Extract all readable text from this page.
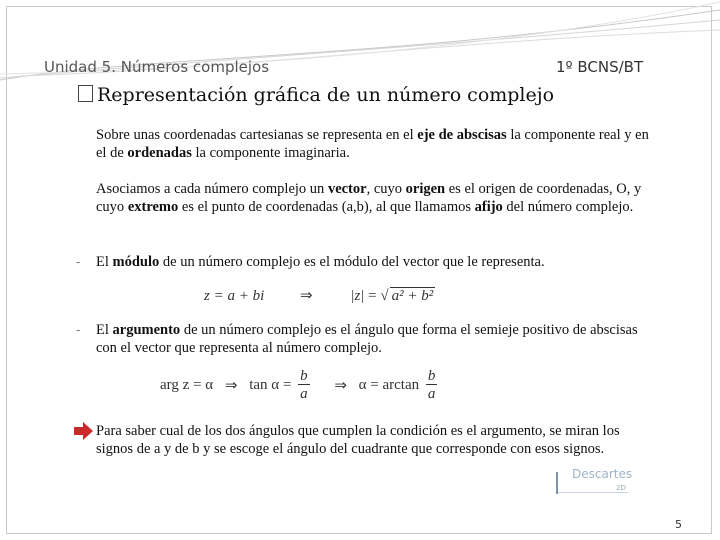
Unidad 5. Números complejos	1º BCNS/BT
Representación gráfica de un número complejo
Sobre unas coordenadas cartesianas se representa en el eje de abscisas la componente real y en el de ordenadas la componente imaginaria.
Asociamos a cada número complejo un vector, cuyo origen es el origen de coordenadas, O, y cuyo extremo es el punto de coordenadas (a,b), al que llamamos afijo del número complejo.
- El módulo de un número complejo es el módulo del vector que le representa.
z = a + bi ⇒	|z| = √ a² + b²
- El argumento de un número complejo es el ángulo que forma el semieje positivo de abscisas con el vector que representa al número complejo.
arg z = α ⇒ $\tan \alpha = \frac{b}{a}$ ⇒ $\alpha = \arctan \frac{b}{a}$
Para saber cual de los dos ángulos que cumplen la condición es el argumento, se miran los signos de a y de b y se escoge el ángulo del cuadrante que corresponde con esos signos.
Descartes
2D
5
